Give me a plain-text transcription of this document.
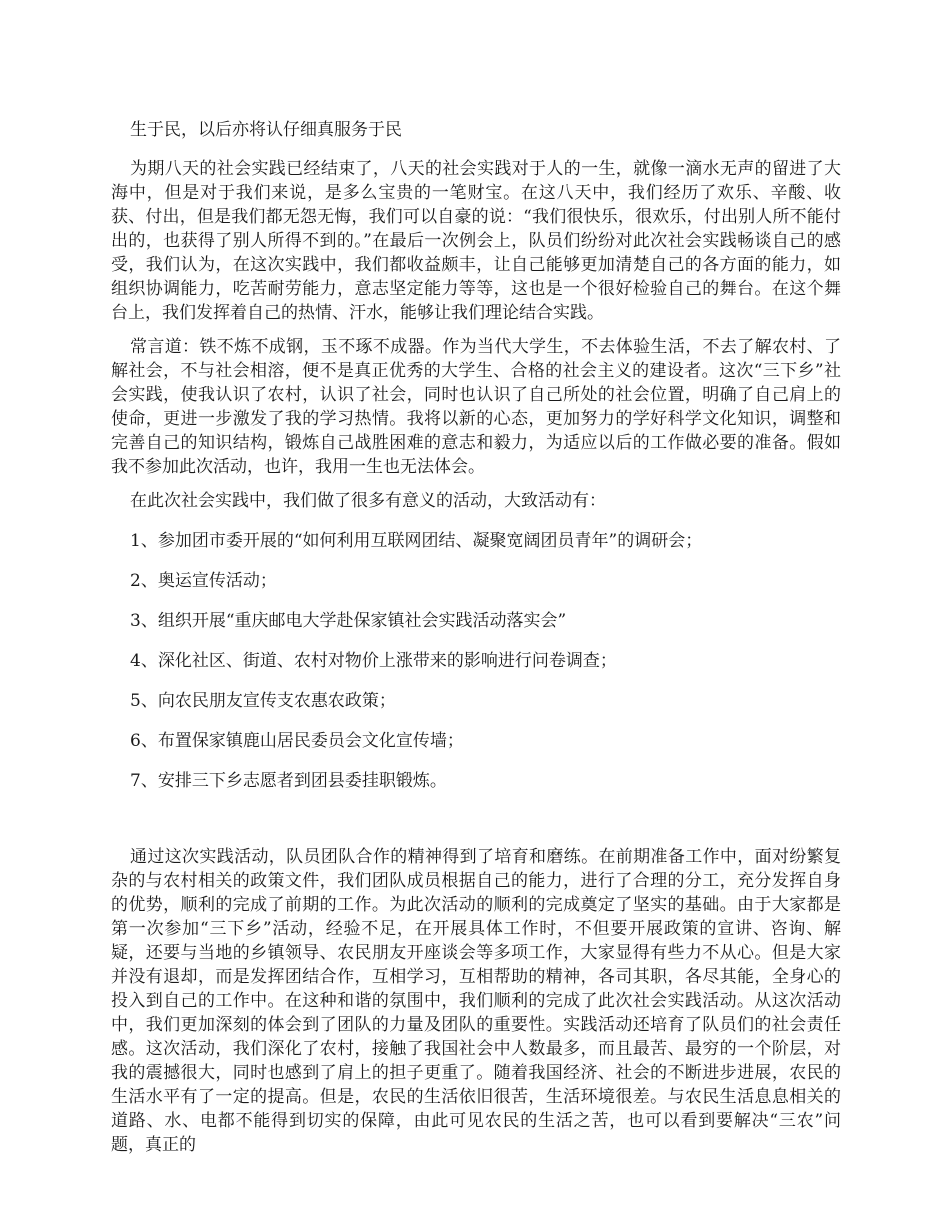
生于民，以后亦将认仔细真服务于民

为期八天的社会实践已经结束了，八天的社会实践对于人的一生，就像一滴水无声的留进了大海中，但是对于我们来说，是多么宝贵的一笔财宝。在这八天中，我们经历了欢乐、辛酸、收获、付出，但是我们都无怨无悔，我们可以自豪的说：“我们很快乐，很欢乐，付出别人所不能付出的，也获得了别人所得不到的。”在最后一次例会上，队员们纷纷对此次社会实践畅谈自己的感受，我们认为，在这次实践中，我们都收益颇丰，让自己能够更加清楚自己的各方面的能力，如组织协调能力，吃苦耐劳能力，意志坚定能力等等，这也是一个很好检验自己的舞台。在这个舞台上，我们发挥着自己的热情、汗水，能够让我们理论结合实践。

常言道：铁不炼不成钢，玉不琢不成器。作为当代大学生，不去体验生活，不去了解农村、了解社会，不与社会相溶，便不是真正优秀的大学生、合格的社会主义的建设者。这次“三下乡”社会实践，使我认识了农村，认识了社会，同时也认识了自己所处的社会位置，明确了自己肩上的使命，更进一步激发了我的学习热情。我将以新的心态，更加努力的学好科学文化知识，调整和完善自己的知识结构，锻炼自己战胜困难的意志和毅力，为适应以后的工作做必要的准备。假如我不参加此次活动，也许，我用一生也无法体会。

在此次社会实践中，我们做了很多有意义的活动，大致活动有：

1、参加团市委开展的“如何利用互联网团结、凝聚宽阔团员青年”的调研会；
2、奥运宣传活动；
3、组织开展“重庆邮电大学赴保家镇社会实践活动落实会”
4、深化社区、街道、农村对物价上涨带来的影响进行问卷调查；
5、向农民朋友宣传支农惠农政策；
6、布置保家镇鹿山居民委员会文化宣传墙；
7、安排三下乡志愿者到团县委挂职锻炼。

通过这次实践活动，队员团队合作的精神得到了培育和磨练。在前期准备工作中，面对纷繁复杂的与农村相关的政策文件，我们团队成员根据自己的能力，进行了合理的分工，充分发挥自身的优势，顺利的完成了前期的工作。为此次活动的顺利的完成奠定了坚实的基础。由于大家都是第一次参加“三下乡”活动，经验不足，在开展具体工作时，不但要开展政策的宣讲、咨询、解疑，还要与当地的乡镇领导、农民朋友开座谈会等多项工作，大家显得有些力不从心。但是大家并没有退却，而是发挥团结合作，互相学习，互相帮助的精神，各司其职，各尽其能，全身心的投入到自己的工作中。在这种和谐的氛围中，我们顺利的完成了此次社会实践活动。从这次活动中，我们更加深刻的体会到了团队的力量及团队的重要性。实践活动还培育了队员们的社会责任感。这次活动，我们深化了农村，接触了我国社会中人数最多，而且最苦、最穷的一个阶层，对我的震撼很大，同时也感到了肩上的担子更重了。随着我国经济、社会的不断进步进展，农民的生活水平有了一定的提高。但是，农民的生活依旧很苦，生活环境很差。与农民生活息息相关的道路、水、电都不能得到切实的保障，由此可见农民的生活之苦，也可以看到要解决“三农”问题，真正的
